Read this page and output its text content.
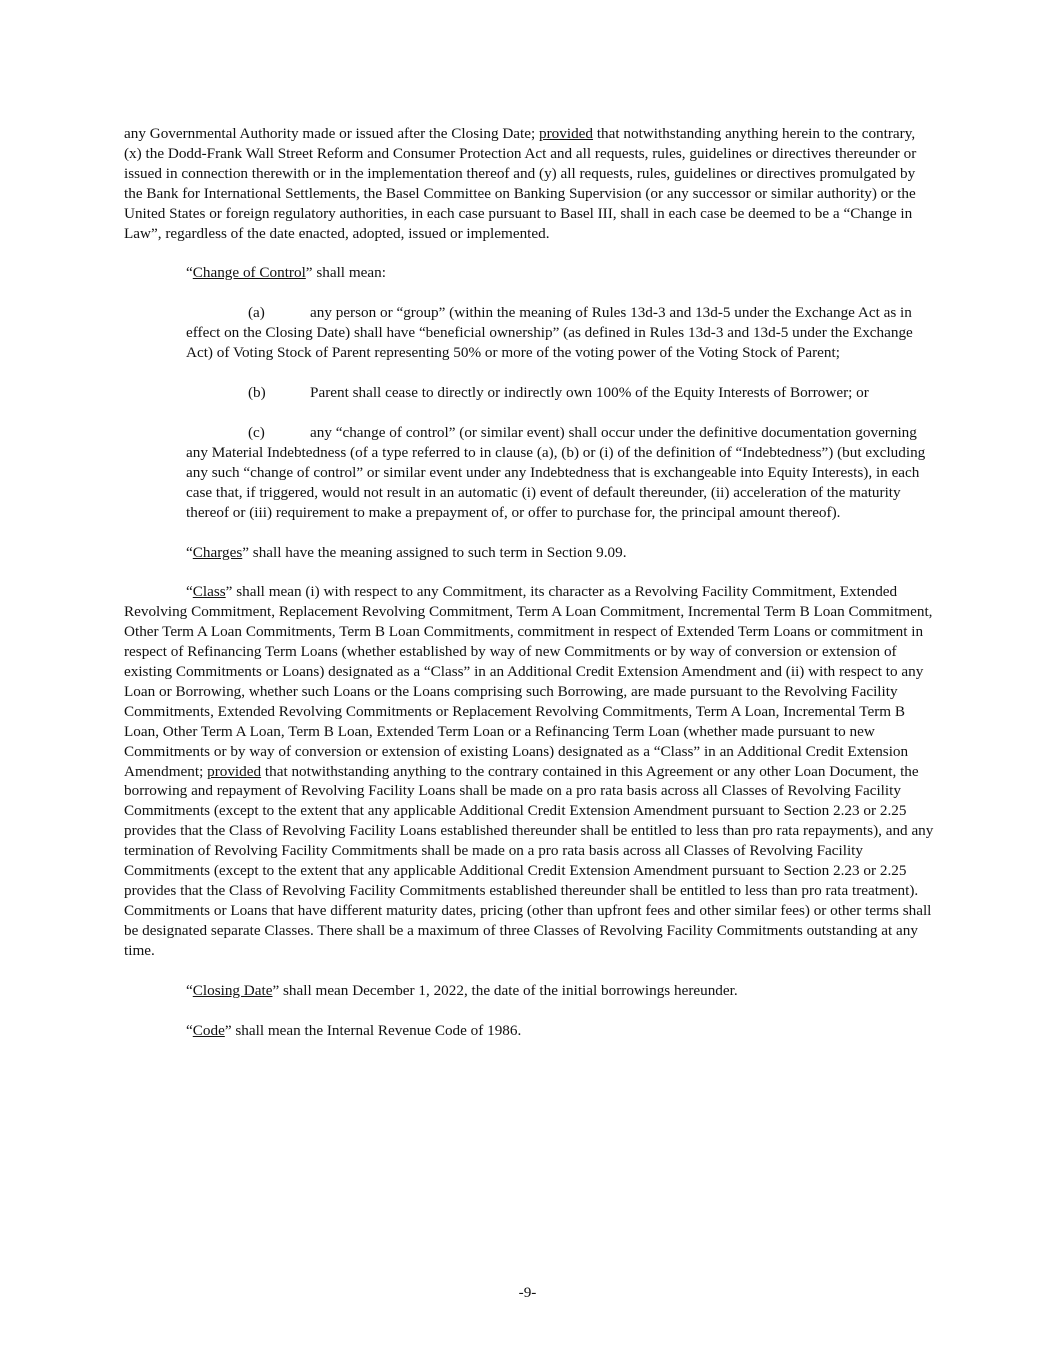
any Governmental Authority made or issued after the Closing Date; provided that notwithstanding anything herein to the contrary, (x) the Dodd-Frank Wall Street Reform and Consumer Protection Act and all requests, rules, guidelines or directives thereunder or issued in connection therewith or in the implementation thereof and (y) all requests, rules, guidelines or directives promulgated by the Bank for International Settlements, the Basel Committee on Banking Supervision (or any successor or similar authority) or the United States or foreign regulatory authorities, in each case pursuant to Basel III, shall in each case be deemed to be a “Change in Law”, regardless of the date enacted, adopted, issued or implemented.

“Change of Control” shall mean:

(a)	any person or “group” (within the meaning of Rules 13d-3 and 13d-5 under the Exchange Act as in effect on the Closing Date) shall have “beneficial ownership” (as defined in Rules 13d-3 and 13d-5 under the Exchange Act) of Voting Stock of Parent representing 50% or more of the voting power of the Voting Stock of Parent;

(b)	Parent shall cease to directly or indirectly own 100% of the Equity Interests of Borrower; or

(c)	any “change of control” (or similar event) shall occur under the definitive documentation governing any Material Indebtedness (of a type referred to in clause (a), (b) or (i) of the definition of “Indebtedness”) (but excluding any such “change of control” or similar event under any Indebtedness that is exchangeable into Equity Interests), in each case that, if triggered, would not result in an automatic (i) event of default thereunder, (ii) acceleration of the maturity thereof or (iii) requirement to make a prepayment of, or offer to purchase for, the principal amount thereof).

“Charges” shall have the meaning assigned to such term in Section 9.09.

“Class” shall mean (i) with respect to any Commitment, its character as a Revolving Facility Commitment, Extended Revolving Commitment, Replacement Revolving Commitment, Term A Loan Commitment, Incremental Term B Loan Commitment, Other Term A Loan Commitments, Term B Loan Commitments, commitment in respect of Extended Term Loans or commitment in respect of Refinancing Term Loans (whether established by way of new Commitments or by way of conversion or extension of existing Commitments or Loans) designated as a “Class” in an Additional Credit Extension Amendment and (ii) with respect to any Loan or Borrowing, whether such Loans or the Loans comprising such Borrowing, are made pursuant to the Revolving Facility Commitments, Extended Revolving Commitments or Replacement Revolving Commitments, Term A Loan, Incremental Term B Loan, Other Term A Loan, Term B Loan, Extended Term Loan or a Refinancing Term Loan (whether made pursuant to new Commitments or by way of conversion or extension of existing Loans) designated as a “Class” in an Additional Credit Extension Amendment; provided that notwithstanding anything to the contrary contained in this Agreement or any other Loan Document, the borrowing and repayment of Revolving Facility Loans shall be made on a pro rata basis across all Classes of Revolving Facility Commitments (except to the extent that any applicable Additional Credit Extension Amendment pursuant to Section 2.23 or 2.25 provides that the Class of Revolving Facility Loans established thereunder shall be entitled to less than pro rata repayments), and any termination of Revolving Facility Commitments shall be made on a pro rata basis across all Classes of Revolving Facility Commitments (except to the extent that any applicable Additional Credit Extension Amendment pursuant to Section 2.23 or 2.25 provides that the Class of Revolving Facility Commitments established thereunder shall be entitled to less than pro rata treatment). Commitments or Loans that have different maturity dates, pricing (other than upfront fees and other similar fees) or other terms shall be designated separate Classes. There shall be a maximum of three Classes of Revolving Facility Commitments outstanding at any time.

“Closing Date” shall mean December 1, 2022, the date of the initial borrowings hereunder.

“Code” shall mean the Internal Revenue Code of 1986.

-9-
